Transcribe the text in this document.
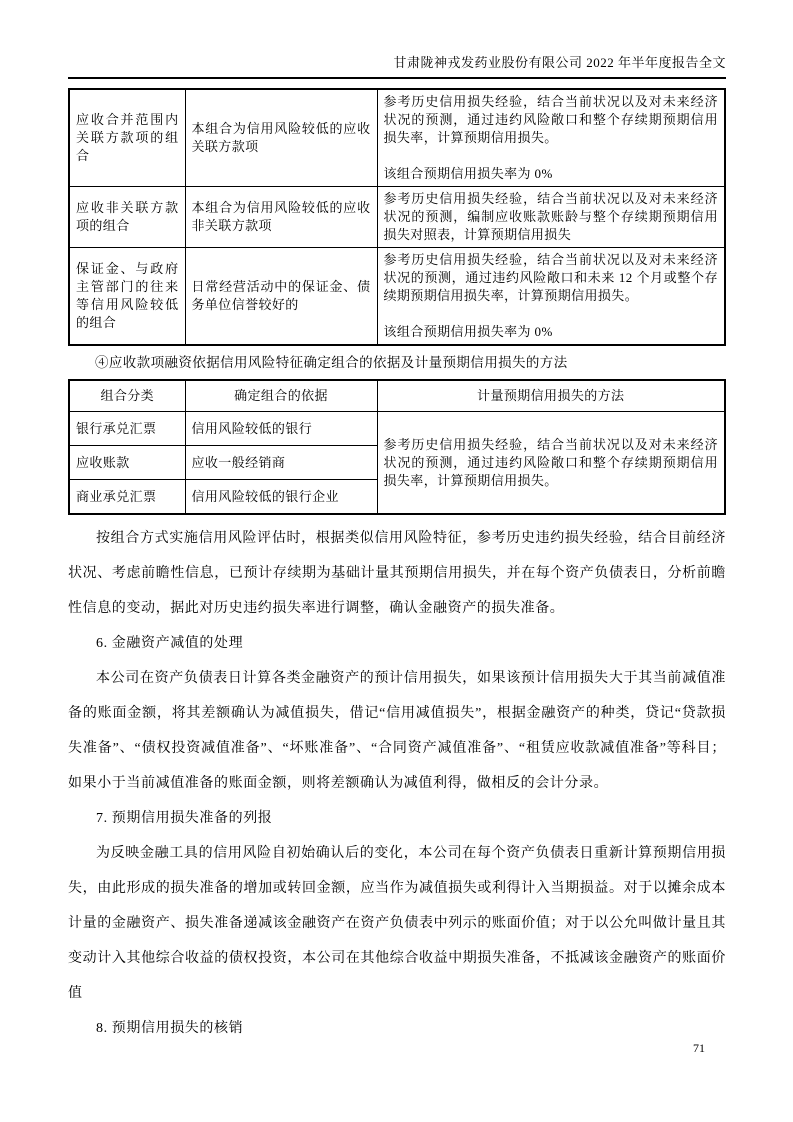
甘肃陇神戎发药业股份有限公司 2022 年半年度报告全文
应收合并范围内关联方款项的组合	本组合为信用风险较低的应收关联方款项	参考历史信用损失经验，结合当前状况以及对未来经济状况的预测，通过违约风险敞口和整个存续期预期信用损失率，计算预期信用损失。
该组合预期信用损失率为 0%

应收非关联方款项的组合	本组合为信用风险较低的应收非关联方款项	参考历史信用损失经验，结合当前状况以及对未来经济状况的预测，编制应收账款账龄与整个存续期预期信用损失对照表，计算预期信用损失

保证金、与政府主管部门的往来等信用风险较低的组合	日常经营活动中的保证金、债务单位信誉较好的	参考历史信用损失经验，结合当前状况以及对未来经济状况的预测，通过违约风险敞口和未来 12 个月或整个存续期预期信用损失率，计算预期信用损失。
该组合预期信用损失率为 0%
④应收款项融资依据信用风险特征确定组合的依据及计量预期信用损失的方法
组合分类	确定组合的依据	计量预期信用损失的方法
银行承兑汇票	信用风险较低的银行	参考历史信用损失经验，结合当前状况以及对未来经济状况的预测，通过违约风险敞口和整个存续期预期信用损失率，计算预期信用损失。
应收账款	应收一般经销商	
商业承兑汇票	信用风险较低的银行企业	

按组合方式实施信用风险评估时，根据类似信用风险特征，参考历史违约损失经验，结合目前经济状况、考虑前瞻性信息，已预计存续期为基础计量其预期信用损失，并在每个资产负债表日，分析前瞻性信息的变动，据此对历史违约损失率进行调整，确认金融资产的损失准备。

6. 金融资产减值的处理

本公司在资产负债表日计算各类金融资产的预计信用损失，如果该预计信用损失大于其当前减值准备的账面金额，将其差额确认为减值损失，借记“信用减值损失”，根据金融资产的种类，贷记“贷款损失准备”、“债权投资减值准备”、“坏账准备”、“合同资产减值准备”、“租赁应收款减值准备”等科目；如果小于当前减值准备的账面金额，则将差额确认为减值利得，做相反的会计分录。

7. 预期信用损失准备的列报

为反映金融工具的信用风险自初始确认后的变化，本公司在每个资产负债表日重新计算预期信用损失，由此形成的损失准备的增加或转回金额，应当作为减值损失或利得计入当期损益。对于以摊余成本计量的金融资产、损失准备递减该金融资产在资产负债表中列示的账面价值；对于以公允叫做计量且其变动计入其他综合收益的债权投资，本公司在其他综合收益中期损失准备，不抵减该金融资产的账面价值

8. 预期信用损失的核销

71
